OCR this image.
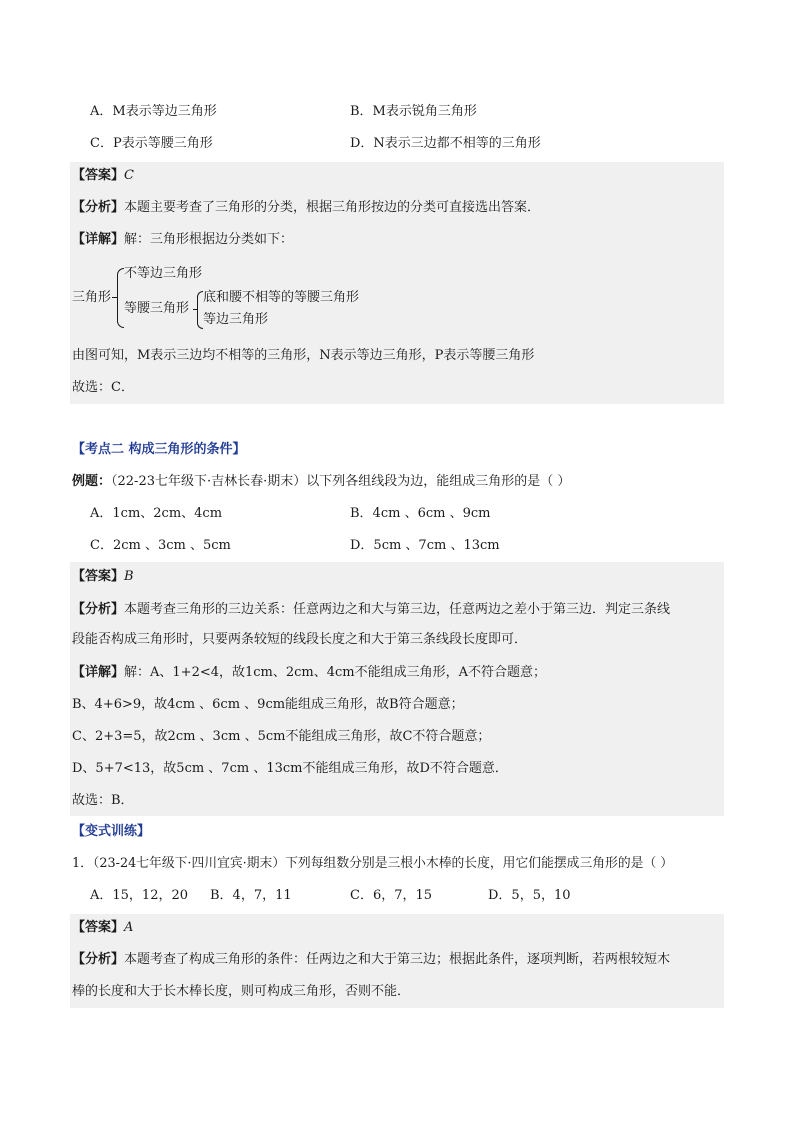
A．M表示等边三角形	B．M表示锐角三角形
C．P表示等腰三角形	D．N表示三边都不相等的三角形
【答案】C
【分析】本题主要考查了三角形的分类，根据三角形按边的分类可直接选出答案．
【详解】解：三角形根据边分类如下：
三角形
不等边三角形
等腰三角形
底和腰不相等的等腰三角形
等边三角形
由图可知，M表示三边均不相等的三角形，N表示等边三角形，P表示等腰三角形
故选：C．
【考点二 构成三角形的条件】
例题：（22-23七年级下·吉林长春·期末）以下列各组线段为边，能组成三角形的是（ ）
A．1cm、2cm、4cm	B．4cm 、6cm 、9cm
C．2cm 、3cm 、5cm	D．5cm 、7cm 、13cm
【答案】B
【分析】本题考查三角形的三边关系：任意两边之和大与第三边，任意两边之差小于第三边．判定三条线
段能否构成三角形时，只要两条较短的线段长度之和大于第三条线段长度即可．
【详解】解：A、1+2<4，故1cm、2cm、4cm不能组成三角形，A不符合题意；
B、4+6>9，故4cm 、6cm 、9cm能组成三角形，故B符合题意；
C、2+3=5，故2cm 、3cm 、5cm不能组成三角形，故C不符合题意；
D、5+7<13，故5cm 、7cm 、13cm不能组成三角形，故D不符合题意．
故选：B．
【变式训练】
1．（23-24七年级下·四川宜宾·期末）下列每组数分别是三根小木棒的长度，用它们能摆成三角形的是（ ）
A．15，12，20 B．4，7，11	C．6，7，15	D．5，5，10
【答案】A
【分析】本题考查了构成三角形的条件：任两边之和大于第三边；根据此条件，逐项判断，若两根较短木
棒的长度和大于长木棒长度，则可构成三角形，否则不能．
